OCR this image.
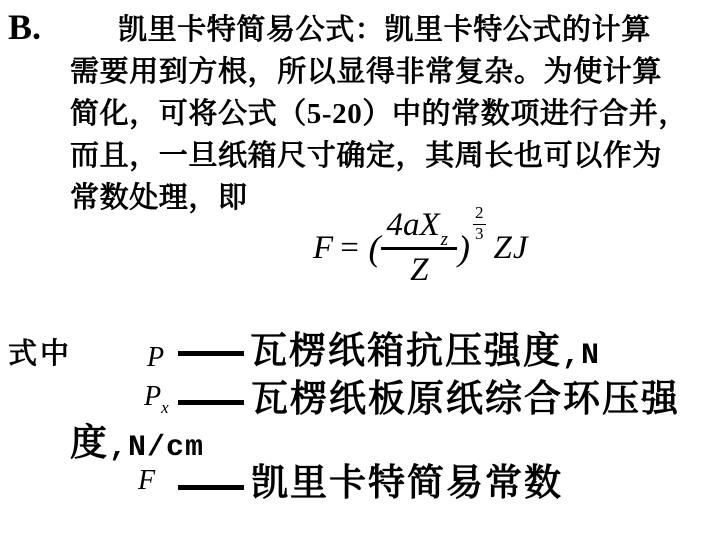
B.	凯里卡特简易公式：凯里卡特公式的计算
需要用到方根，所以显得非常复杂。为使计算
简化，可将公式（5-20）中的常数项进行合并，
而且，一旦纸箱尺寸确定，其周长也可以作为
常数处理，即
F = ( $\frac{4aX_z}{Z}$ )
$\frac{2}{3}$
ZJ
式中	P 瓦楞纸箱抗压强度,N
$P_x$ 瓦楞纸板原纸综合环压强
度,N/cm
F	凯里卡特简易常数
